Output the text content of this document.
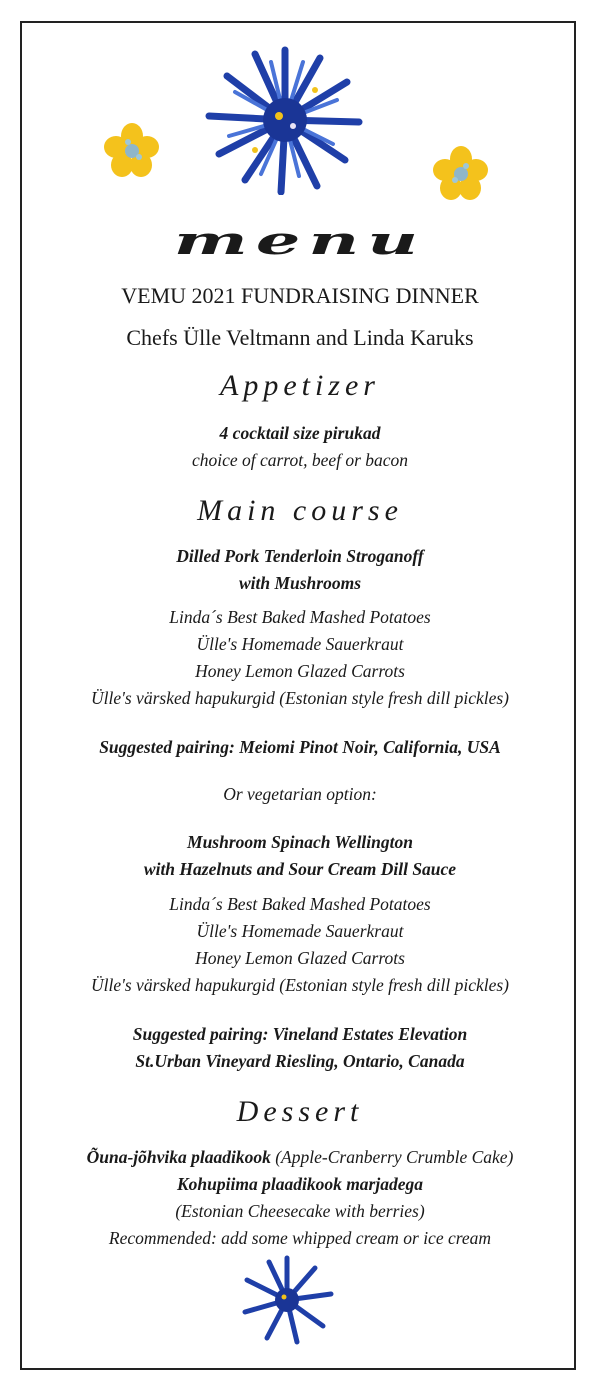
menu
VEMU 2021 FUNDRAISING DINNER
Chefs Ülle Veltmann and Linda Karuks
Appetizer
4 cocktail size pirukad
choice of carrot, beef or bacon
Main course
Dilled Pork Tenderloin Stroganoff
with Mushrooms
Linda´s Best Baked Mashed Potatoes
Ülle's Homemade Sauerkraut
Honey Lemon Glazed Carrots
Ülle's värsked hapukurgid (Estonian style fresh dill pickles)
Suggested pairing: Meiomi Pinot Noir, California, USA
Or vegetarian option:
Mushroom Spinach Wellington
with Hazelnuts and Sour Cream Dill Sauce
Linda´s Best Baked Mashed Potatoes
Ülle's Homemade Sauerkraut
Honey Lemon Glazed Carrots
Ülle's värsked hapukurgid (Estonian style fresh dill pickles)
Suggested pairing: Vineland Estates Elevation
St.Urban Vineyard Riesling, Ontario, Canada
Dessert
Õuna-jõhvika plaadikook (Apple-Cranberry Crumble Cake)
Kohupiima plaadikook marjadega
(Estonian Cheesecake with berries)
Recommended: add some whipped cream or ice cream
